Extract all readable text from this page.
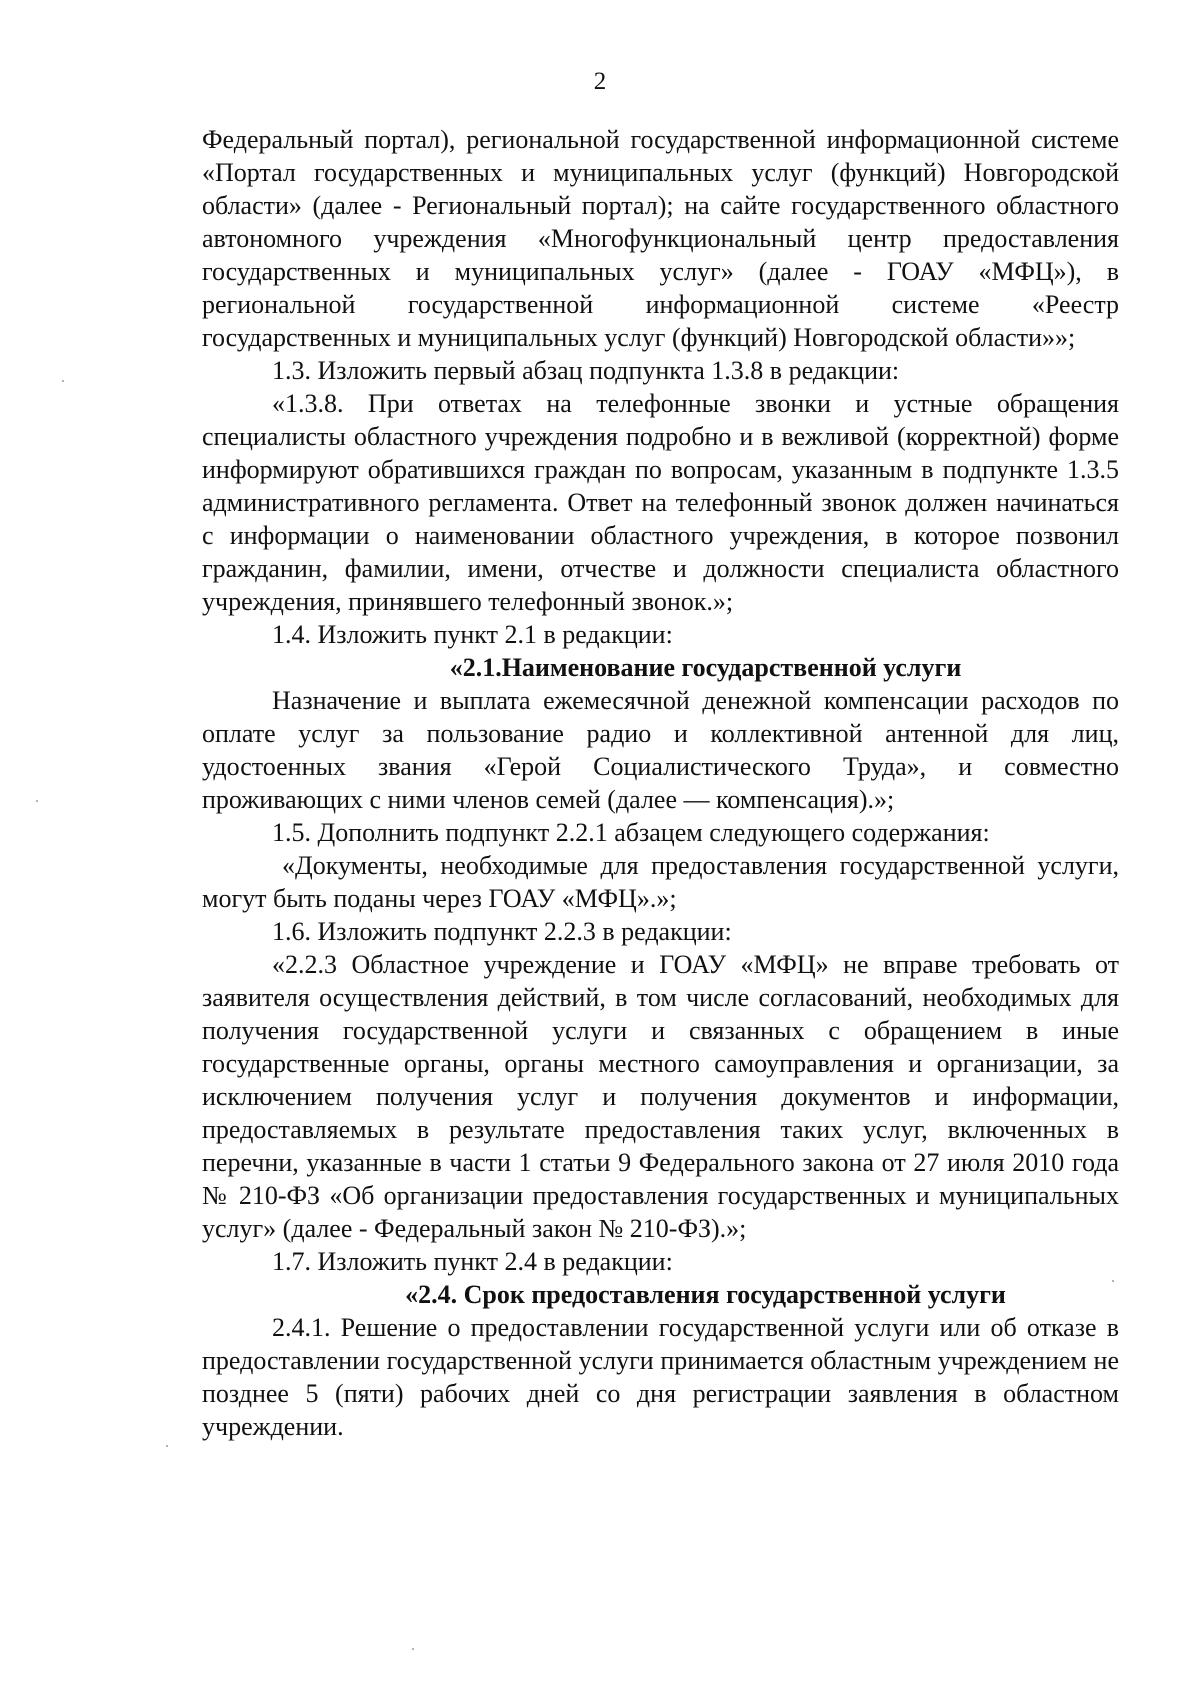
2

Федеральный портал), региональной государственной информационной системе «Портал государственных и муниципальных услуг (функций) Новгородской области» (далее - Региональный портал); на сайте государственного областного автономного учреждения «Многофункциональный центр предоставления государственных и муниципальных услуг» (далее - ГОАУ «МФЦ»), в региональной государственной информационной системе «Реестр государственных и муниципальных услуг (функций) Новгородской области»»;

1.3. Изложить первый абзац подпункта 1.3.8 в редакции:

«1.3.8. При ответах на телефонные звонки и устные обращения специалисты областного учреждения подробно и в вежливой (корректной) форме информируют обратившихся граждан по вопросам, указанным в подпункте 1.3.5 административного регламента. Ответ на телефонный звонок должен начинаться с информации о наименовании областного учреждения, в которое позвонил гражданин, фамилии, имени, отчестве и должности специалиста областного учреждения, принявшего телефонный звонок.»;

1.4. Изложить пункт 2.1 в редакции:

«2.1.Наименование государственной услуги

Назначение и выплата ежемесячной денежной компенсации расходов по оплате услуг за пользование радио и коллективной антенной для лиц, удостоенных звания «Герой Социалистического Труда», и совместно проживающих с ними членов семей (далее — компенсация).»;

1.5. Дополнить подпункт 2.2.1 абзацем следующего содержания:

«Документы, необходимые для предоставления государственной услуги, могут быть поданы через ГОАУ «МФЦ».»;

1.6. Изложить подпункт 2.2.3 в редакции:

«2.2.3 Областное учреждение и ГОАУ «МФЦ» не вправе требовать от заявителя осуществления действий, в том числе согласований, необходимых для получения государственной услуги и связанных с обращением в иные государственные органы, органы местного самоуправления и организации, за исключением получения услуг и получения документов и информации, предоставляемых в результате предоставления таких услуг, включенных в перечни, указанные в части 1 статьи 9 Федерального закона от 27 июля 2010 года № 210-ФЗ «Об организации предоставления государственных и муниципальных услуг» (далее - Федеральный закон № 210-ФЗ).»;

1.7. Изложить пункт 2.4 в редакции:

«2.4. Срок предоставления государственной услуги

2.4.1. Решение о предоставлении государственной услуги или об отказе в предоставлении государственной услуги принимается областным учреждением не позднее 5 (пяти) рабочих дней со дня регистрации заявления в областном учреждении.
